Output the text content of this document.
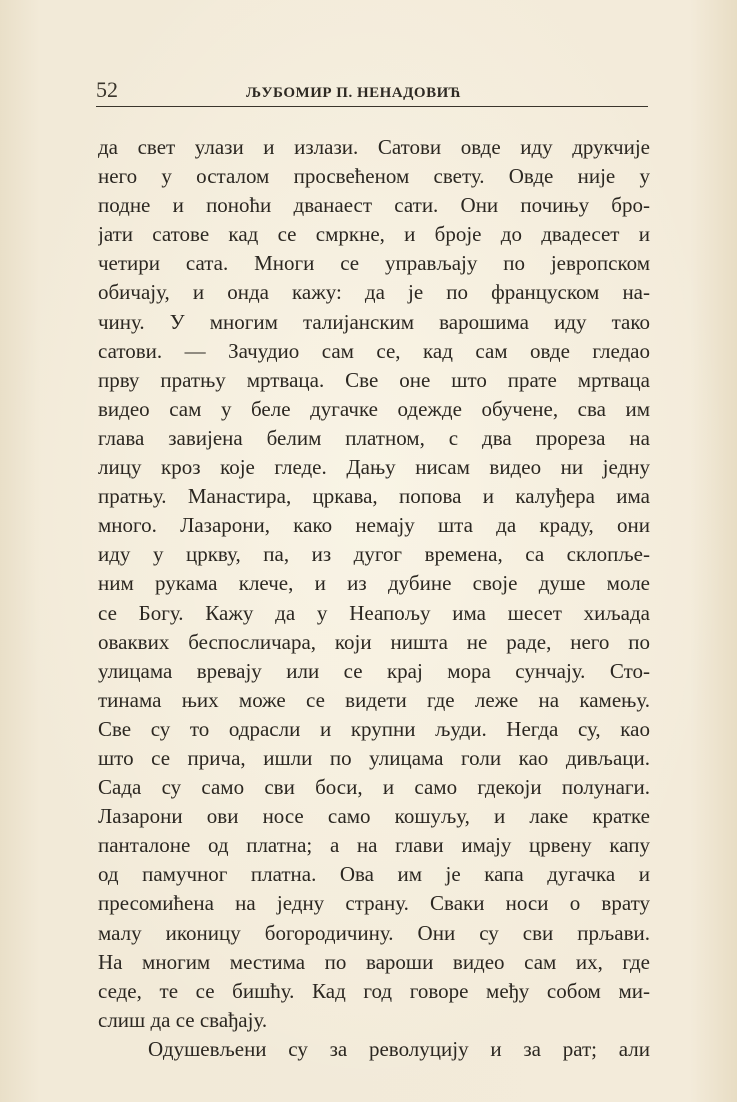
52	ЉУБОМИР П. НЕНАДОВИЋ
да свет улази и излази. Сатови овде иду друкчије
него у осталом просвећеном свету. Овде није у
подне и поноћи дванаест сати. Они почињу бро-
јати сатове кад се смркне, и броје до двадесет и
четири сата. Многи се управљају по јевропском
обичају, и онда кажу: да је по француском на-
чину. У многим талијанским варошима иду тако
сатови. — Зачудио сам се, кад сам овде гледао
прву пратњу мртваца. Све оне што прате мртваца
видео сам у беле дугачке одежде обучене, сва им
глава завијена белим платном, с два прореза на
лицу кроз које гледе. Дању нисам видео ни једну
пратњу. Манастира, цркава, попова и калуђера има
много. Лазарони, како немају шта да краду, они
иду у цркву, па, из дугог времена, са склопље-
ним рукама клече, и из дубине своје душе моле
се Богу. Кажу да у Неапољу има шесет хиљада
оваквих беспосличара, који ништа не раде, него по
улицама вревају или се крај мора сунчају. Сто-
тинама њих може се видети где леже на камењу.
Све су то одрасли и крупни људи. Негда су, као
што се прича, ишли по улицама голи као дивљаци.
Сада су само сви боси, и само гдекоји полунаги.
Лазарони ови носе само кошуљу, и лаке кратке
панталоне од платна; а на глави имају црвену капу
од памучног платна. Ова им је капа дугачка и
пресомићена на једну страну. Сваки носи о врату
малу иконицу богородичину. Они су сви прљави.
На многим местима по вароши видео сам их, где
седе, те се бишћу. Кад год говоре међу собом ми-
слиш да се свађају.
Одушевљени су за револуцију и за рат; али
